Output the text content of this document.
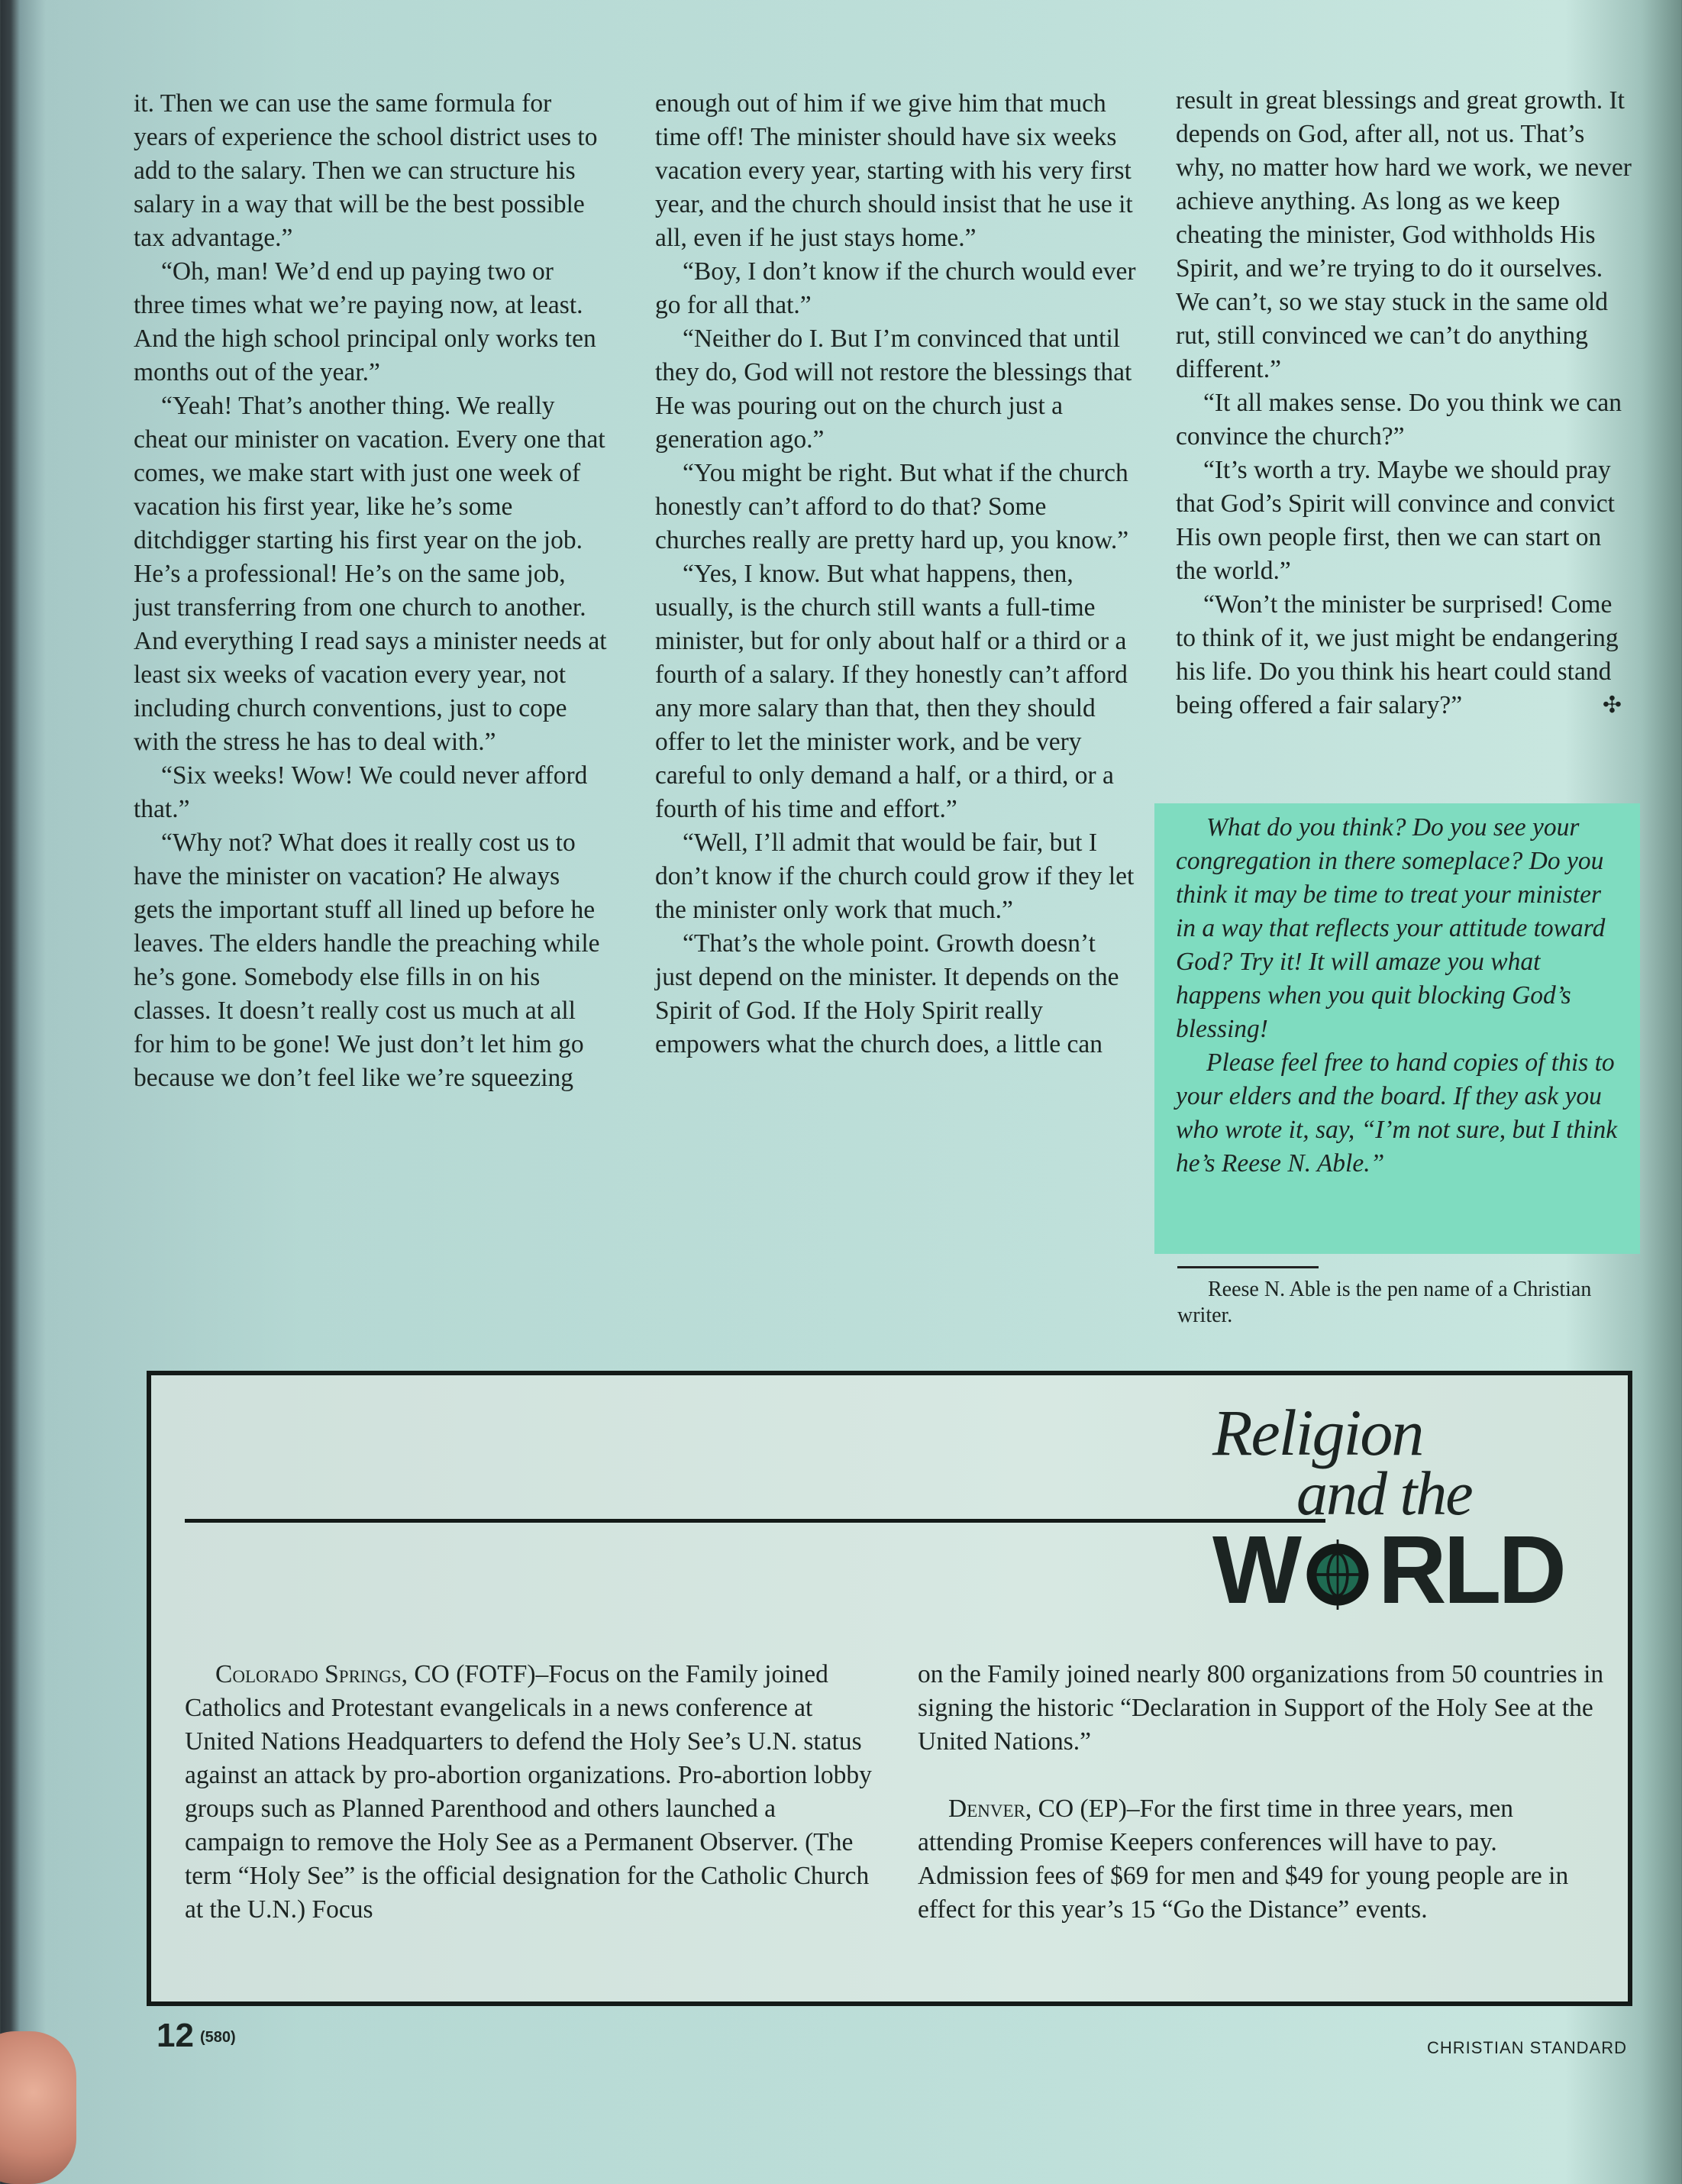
it. Then we can use the same formula for years of experience the school district uses to add to the salary. Then we can structure his salary in a way that will be the best possible tax advantage.”

“Oh, man! We’d end up paying two or three times what we’re paying now, at least. And the high school principal only works ten months out of the year.”

“Yeah! That’s another thing. We really cheat our minister on vacation. Every one that comes, we make start with just one week of vacation his first year, like he’s some ditchdigger starting his first year on the job. He’s a professional! He’s on the same job, just transferring from one church to another. And everything I read says a minister needs at least six weeks of vacation every year, not including church conventions, just to cope with the stress he has to deal with.”

“Six weeks! Wow! We could never afford that.”

“Why not? What does it really cost us to have the minister on vacation? He always gets the important stuff all lined up before he leaves. The elders handle the preaching while he’s gone. Somebody else fills in on his classes. It doesn’t really cost us much at all for him to be gone! We just don’t let him go because we don’t feel like we’re squeezing

enough out of him if we give him that much time off! The minister should have six weeks vacation every year, starting with his very first year, and the church should insist that he use it all, even if he just stays home.”

“Boy, I don’t know if the church would ever go for all that.”

“Neither do I. But I’m convinced that until they do, God will not restore the blessings that He was pouring out on the church just a generation ago.”

“You might be right. But what if the church honestly can’t afford to do that? Some churches really are pretty hard up, you know.”

“Yes, I know. But what happens, then, usually, is the church still wants a full-time minister, but for only about half or a third or a fourth of a salary. If they honestly can’t afford any more salary than that, then they should offer to let the minister work, and be very careful to only demand a half, or a third, or a fourth of his time and effort.”

“Well, I’ll admit that would be fair, but I don’t know if the church could grow if they let the minister only work that much.”

“That’s the whole point. Growth doesn’t just depend on the minister. It depends on the Spirit of God. If the Holy Spirit really empowers what the church does, a little can

result in great blessings and great growth. It depends on God, after all, not us. That’s why, no matter how hard we work, we never achieve anything. As long as we keep cheating the minister, God withholds His Spirit, and we’re trying to do it ourselves. We can’t, so we stay stuck in the same old rut, still convinced we can’t do anything different.”

“It all makes sense. Do you think we can convince the church?”

“It’s worth a try. Maybe we should pray that God’s Spirit will convince and convict His own people first, then we can start on the world.”

“Won’t the minister be surprised! Come to think of it, we just might be endangering his life. Do you think his heart could stand being offered a fair salary?”	✣

What do you think? Do you see your congregation in there someplace? Do you think it may be time to treat your minister in a way that reflects your attitude toward God? Try it! It will amaze you what happens when you quit blocking God’s blessing!

Please feel free to hand copies of this to your elders and the board. If they ask you who wrote it, say, “I’m not sure, but I think he’s Reese N. Able.”

Reese N. Able is the pen name of a Christian writer.

Religion
and the
W RLD

Colorado Springs, CO (FOTF)–Focus on the Family joined Catholics and Protestant evangelicals in a news conference at United Nations Headquarters to defend the Holy See’s U.N. status against an attack by pro-abortion organizations. Pro-abortion lobby groups such as Planned Parenthood and others launched a campaign to remove the Holy See as a Permanent Observer. (The term “Holy See” is the official designation for the Catholic Church at the U.N.) Focus

on the Family joined nearly 800 organizations from 50 countries in signing the historic “Declaration in Support of the Holy See at the United Nations.”

Denver, CO (EP)–For the first time in three years, men attending Promise Keepers conferences will have to pay. Admission fees of $69 for men and $49 for young people are in effect for this year’s 15 “Go the Distance” events.

12 (580)
CHRISTIAN STANDARD
